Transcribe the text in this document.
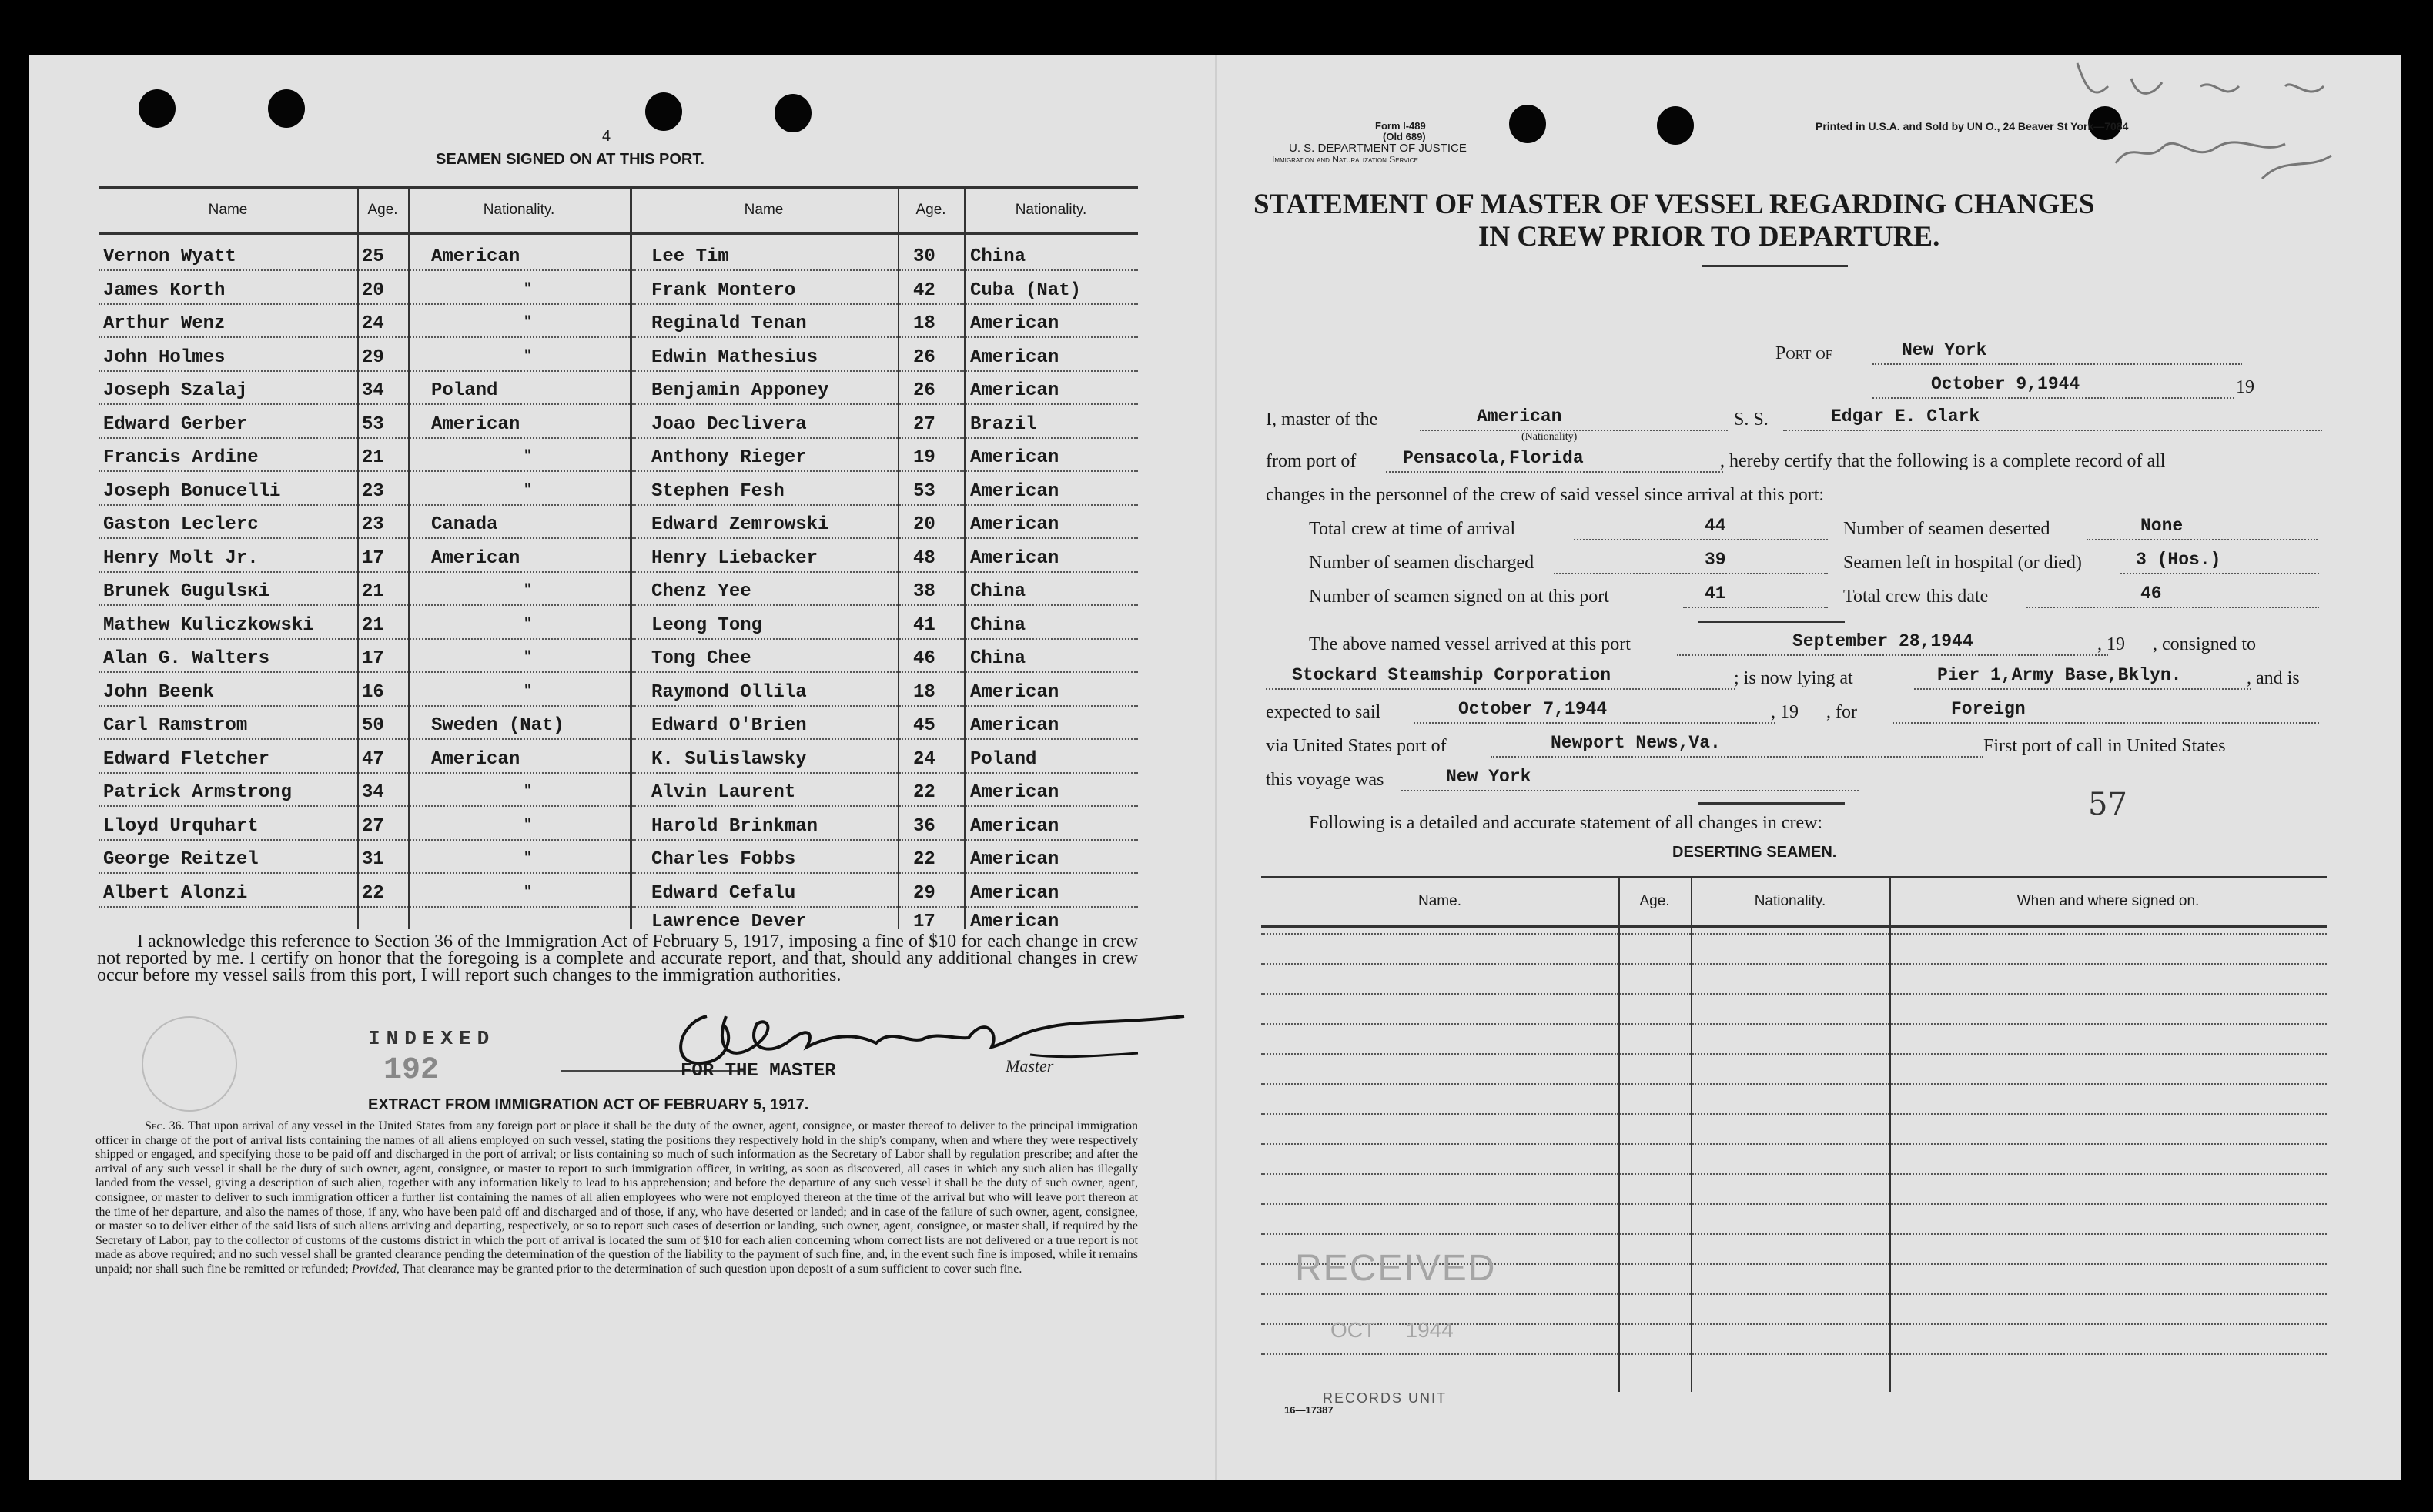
4
SEAMEN SIGNED ON AT THIS PORT.
Name	Age.	Nationality.	Name	Age.	Nationality.
Vernon Wyatt	25	American
James Korth	20	"
Arthur Wenz	24	"
John Holmes	29	"
Joseph Szalaj	34	Poland
Edward Gerber	53	American
Francis Ardine	21	"
Joseph Bonucelli	23	"
Gaston Leclerc	23	Canada
Henry Molt Jr.	17	American
Brunek Gugulsкi	21	"
Mathew Kuliczkowski	21	"
Alan G. Walters	17	"
John Beenk	16	"
Carl Ramstrom	50	Sweden (Nat)
Edward Fletcher	47	American
Patrick Armstrong	34	"
Lloyd Urquhart	27	"
George Reitzel	31	"
Albert Alonzi	22	"
Lee Tim	30 China
Frank Montero	42 Cuba (Nat)
Reginald Tenan	18 American
Edwin Mathesius	26 American
Benjamin Apponey	26 American
Joao Declivera	27 Brazil
Anthony Rieger	19 American
Stephen Fesh	53 American
Edward Zemrowski	20 American
Henry Liebacker	48 American
Chenz Yee	38 China
Leong Tong	41 China
Tong Chee	46 China
Raymond Ollila	18 American
Edward O'Brien	45 American
K. Sulislawsky	24 Poland
Alvin Laurent	22 American
Harold Brinkman	36 American
Charles Fobbs	22 American
Edward Cefalu	29 American
Lawrence Dever	17 American
I acknowledge this reference to Section 36 of the Immigration Act of February 5, 1917, imposing a fine of $10 for each change in crew not reported by me. I certify on honor that the foregoing is a complete and accurate report, and that, should any additional changes in crew occur before my vessel sails from this port, I will report such changes to the immigration authorities.
INDEXED
Master
FOR THE MASTER
192
EXTRACT FROM IMMIGRATION ACT OF FEBRUARY 5, 1917.
Sec. 36. That upon arrival of any vessel in the United States from any foreign port or place it shall be the duty of the owner, agent, consignee, or master thereof to deliver to the principal immigration officer in charge of the port of arrival lists containing the names of all aliens employed on such vessel, stating the positions they respectively hold in the ship's company, when and where they were respectively shipped or engaged, and specifying those to be paid off and discharged in the port of arrival; or lists containing so much of such information as the Secretary of Labor shall by regulation prescribe; and after the arrival of any such vessel it shall be the duty of such owner, agent, consignee, or master to report to such immigration officer, in writing, as soon as discovered, all cases in which any such alien has illegally landed from the vessel, giving a description of such alien, together with any information likely to lead to his apprehension; and before the departure of any such vessel it shall be the duty of such owner, agent, consignee, or master to deliver to such immigration officer a further list containing the names of all alien employees who were not employed thereon at the time of the arrival but who will leave port thereon at the time of her departure, and also the names of those, if any, who have been paid off and discharged and of those, if any, who have deserted or landed; and in case of the failure of such owner, agent, consignee, or master so to deliver either of the said lists of such aliens arriving and departing, respectively, or so to report such cases of desertion or landing, such owner, agent, consignee, or master shall, if required by the Secretary of Labor, pay to the collector of customs of the customs district in which the port of arrival is located the sum of $10 for each alien concerning whom correct lists are not delivered or a true report is not made as above required; and no such vessel shall be granted clearance pending the determination of the question of the liability to the payment of such fine, and, in the event such fine is imposed, while it remains unpaid; nor shall such fine be remitted or refunded; Provided, That clearance may be granted prior to the determination of such question upon deposit of a sum sufficient to cover such fine.
Form I-489
(Old 689)
U. S. DEPARTMENT OF JUSTICE
Immigration and Naturalization Service
Printed in U.S.A. and Sold by UN O., 24 Beaver St York—7084
STATEMENT OF MASTER OF VESSEL REGARDING CHANGES
IN CREW PRIOR TO DEPARTURE.
Port of	New York
October 9,1944	19
I, master of the	American
(Nationality)
S. S.	Edgar E. Clark
from port of	Pensacola,Florida	, hereby certify that the following is a complete record of all
changes in the personnel of the crew of said vessel since arrival at this port:
Total crew at time of arrival	44	Number of seamen deserted	None
Number of seamen discharged	39	Seamen left in hospital (or died)	3 (Hos.)
Number of seamen signed on at this port	41	Total crew this date	46
The above named vessel arrived at this port	September 28,1944	, 19      , consigned to
Stockard Steamship Corporation	; is now lying at	Pier 1,Army Base,Bklyn.	, and is
expected to sail	October 7,1944	, 19      , for	Foreign
via United States port of	Newport News,Va.	First port of call in United States
this voyage was	New York
57
Following is a detailed and accurate statement of all changes in crew:
DESERTING SEAMEN.
Name.	Age.	Nationality.	When and where signed on.
RECEIVED
OCT     1944
RECORDS UNIT
16—17387
